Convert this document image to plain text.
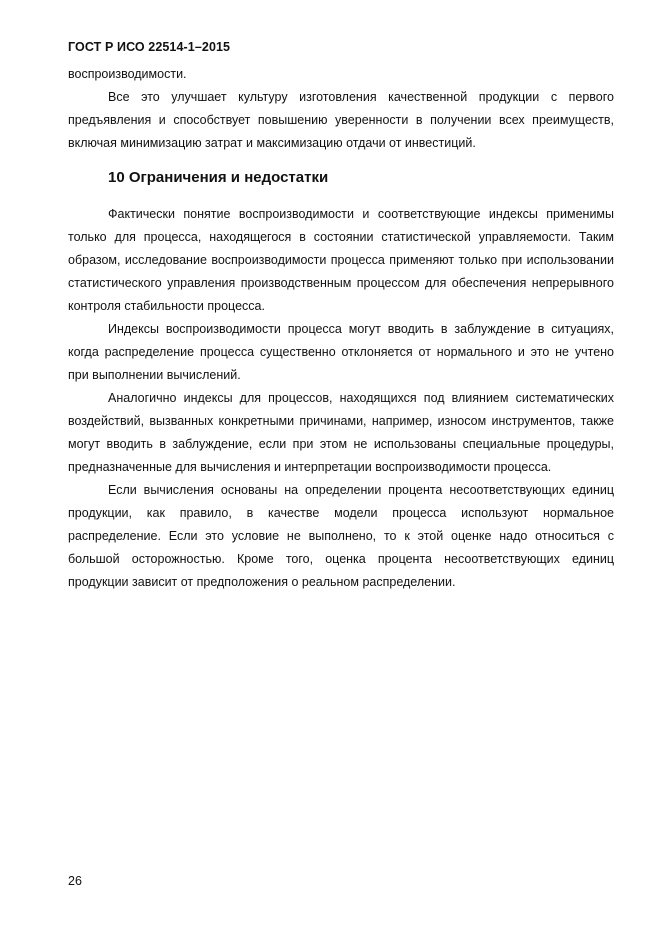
ГОСТ Р ИСО 22514-1–2015

воспроизводимости.

Все это улучшает культуру изготовления качественной продукции с первого предъявления и способствует повышению уверенности в получении всех преимуществ, включая минимизацию затрат и максимизацию отдачи от инвестиций.

10 Ограничения и недостатки

Фактически понятие воспроизводимости и соответствующие индексы применимы только для процесса, находящегося в состоянии статистической управляемости. Таким образом, исследование воспроизводимости процесса применяют только при использовании статистического управления производственным процессом для обеспечения непрерывного контроля стабильности процесса.

Индексы воспроизводимости процесса могут вводить в заблуждение в ситуациях, когда распределение процесса существенно отклоняется от нормального и это не учтено при выполнении вычислений.

Аналогично индексы для процессов, находящихся под влиянием систематических воздействий, вызванных конкретными причинами, например, износом инструментов, также могут вводить в заблуждение, если при этом не использованы специальные процедуры, предназначенные для вычисления и интерпретации воспроизводимости процесса.

Если вычисления основаны на определении процента несоответствующих единиц продукции, как правило, в качестве модели процесса используют нормальное распределение. Если это условие не выполнено, то к этой оценке надо относиться с большой осторожностью. Кроме того, оценка процента несоответствующих единиц продукции зависит от предположения о реальном распределении.

26
